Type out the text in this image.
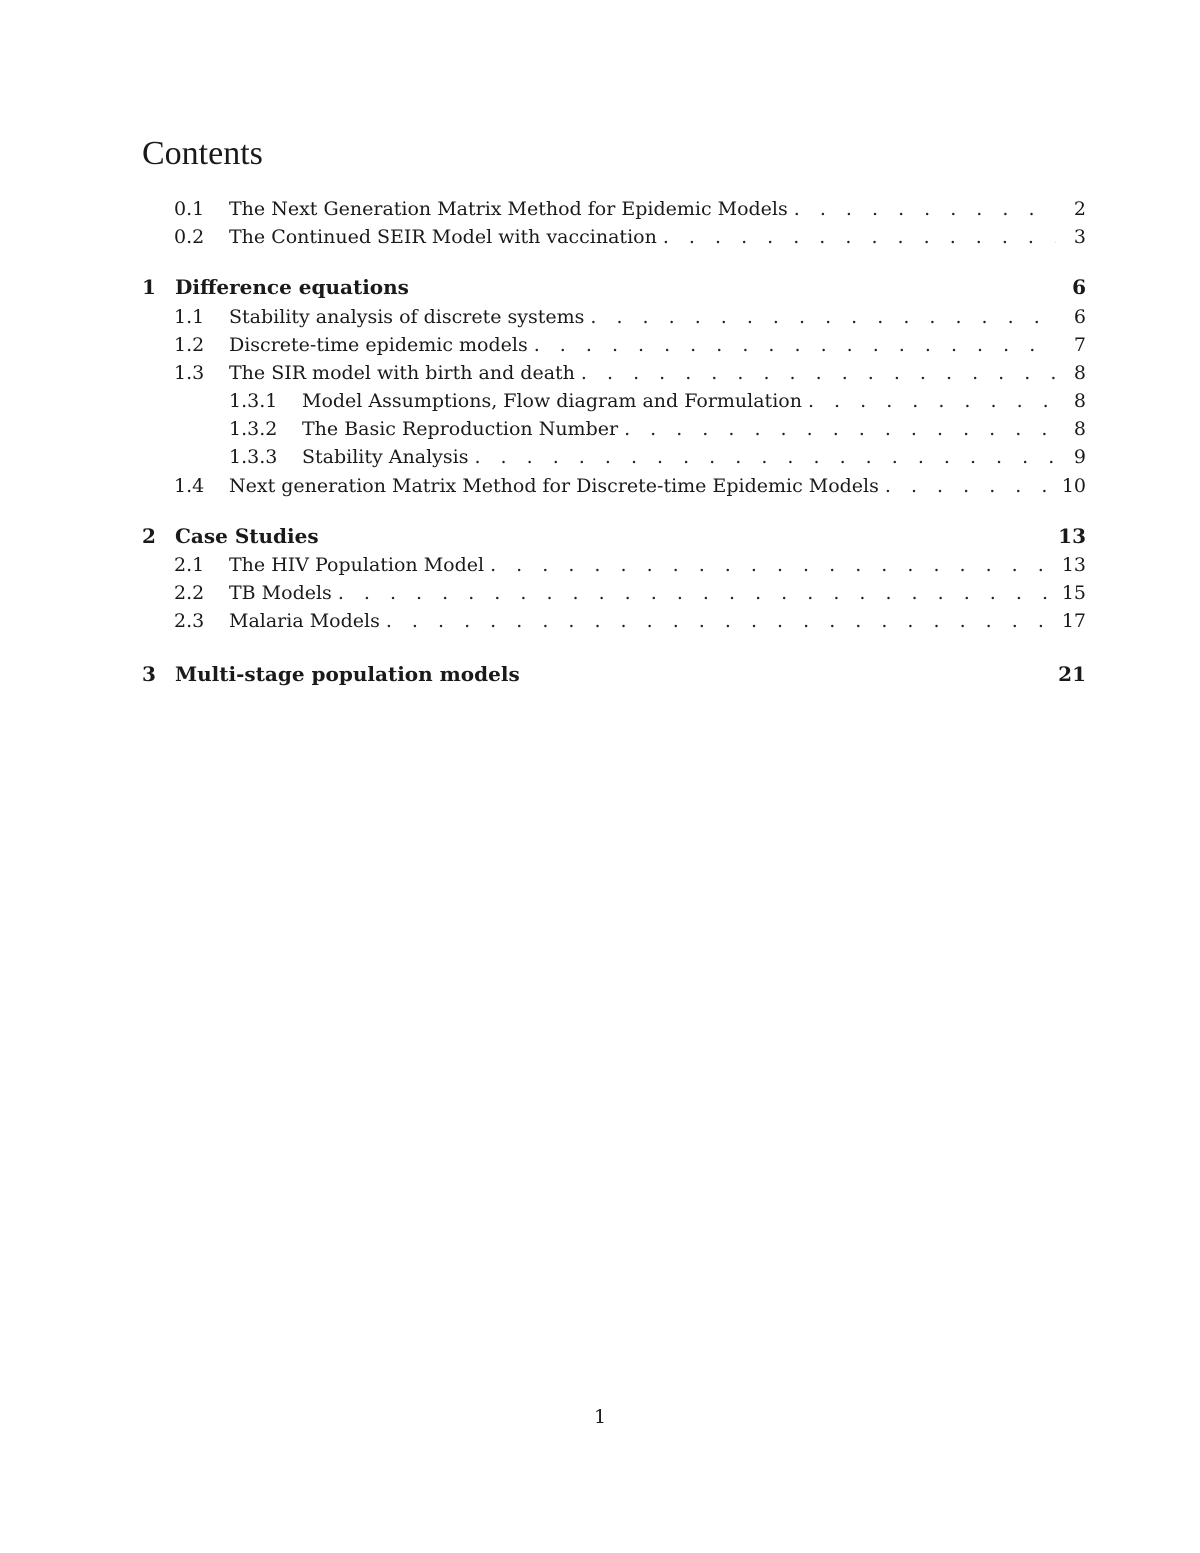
Contents
0.1	The Next Generation Matrix Method for Epidemic Models . . .	2
0.2	The Continued SEIR Model with vaccination . . .	3
1 Difference equations	6
1.1	Stability analysis of discrete systems . . .	6
1.2	Discrete-time epidemic models . . .	7
1.3	The SIR model with birth and death . . .	8
1.3.1	Model Assumptions, Flow diagram and Formulation . . .	8
1.3.2	The Basic Reproduction Number . . .	8
1.3.3	Stability Analysis . . .	9
1.4	Next generation Matrix Method for Discrete-time Epidemic Models . . .	10
2 Case Studies	13
2.1	The HIV Population Model . . .	13
2.2	TB Models . . .	15
2.3	Malaria Models . . .	17
3 Multi-stage population models	21
1
